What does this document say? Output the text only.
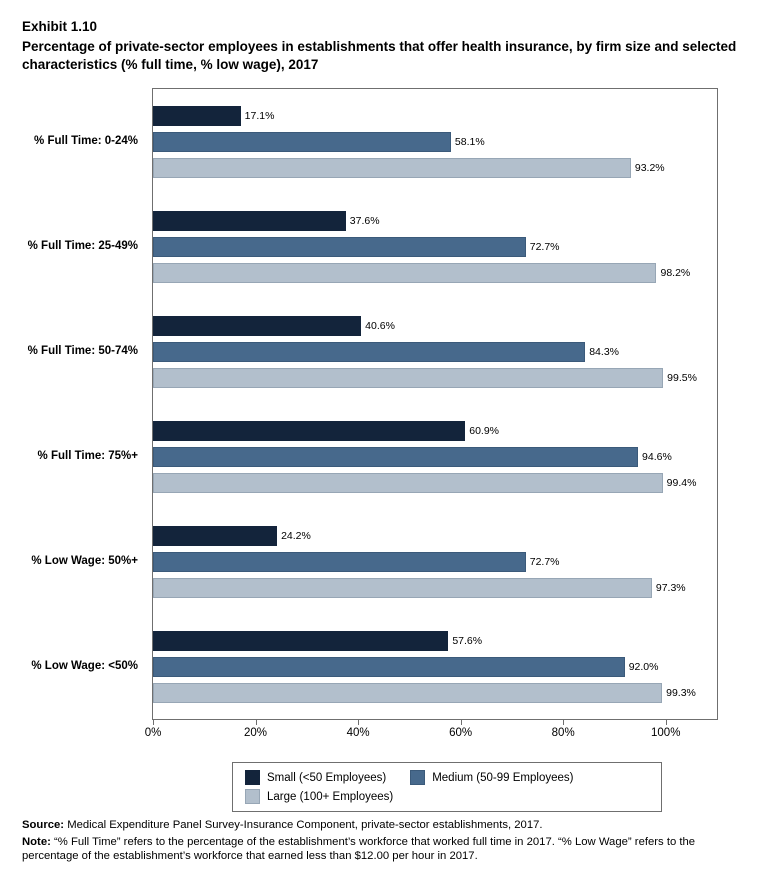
Exhibit 1.10
Percentage of private-sector employees in establishments that offer health insurance, by firm size and selected characteristics (% full time, % low wage), 2017
% Full Time: 0-24%
% Full Time: 25-49%
% Full Time: 50-74%
% Full Time: 75%+
% Low Wage: 50%+
% Low Wage: <50%
17.1%
58.1%
93.2%
37.6%
72.7%
98.2%
40.6%
84.3%
99.5%
60.9%
94.6%
99.4%
24.2%
72.7%
97.3%
57.6%
92.0%
99.3%
0%	20%	40%	60%	80%	100%
Small (<50 Employees)	Medium (50-99 Employees)
Large (100+ Employees)
Source: Medical Expenditure Panel Survey-Insurance Component, private-sector establishments, 2017.
Note: “% Full Time” refers to the percentage of the establishment’s workforce that worked full time in 2017. “% Low Wage” refers to the percentage of the establishment’s workforce that earned less than $12.00 per hour in 2017.
